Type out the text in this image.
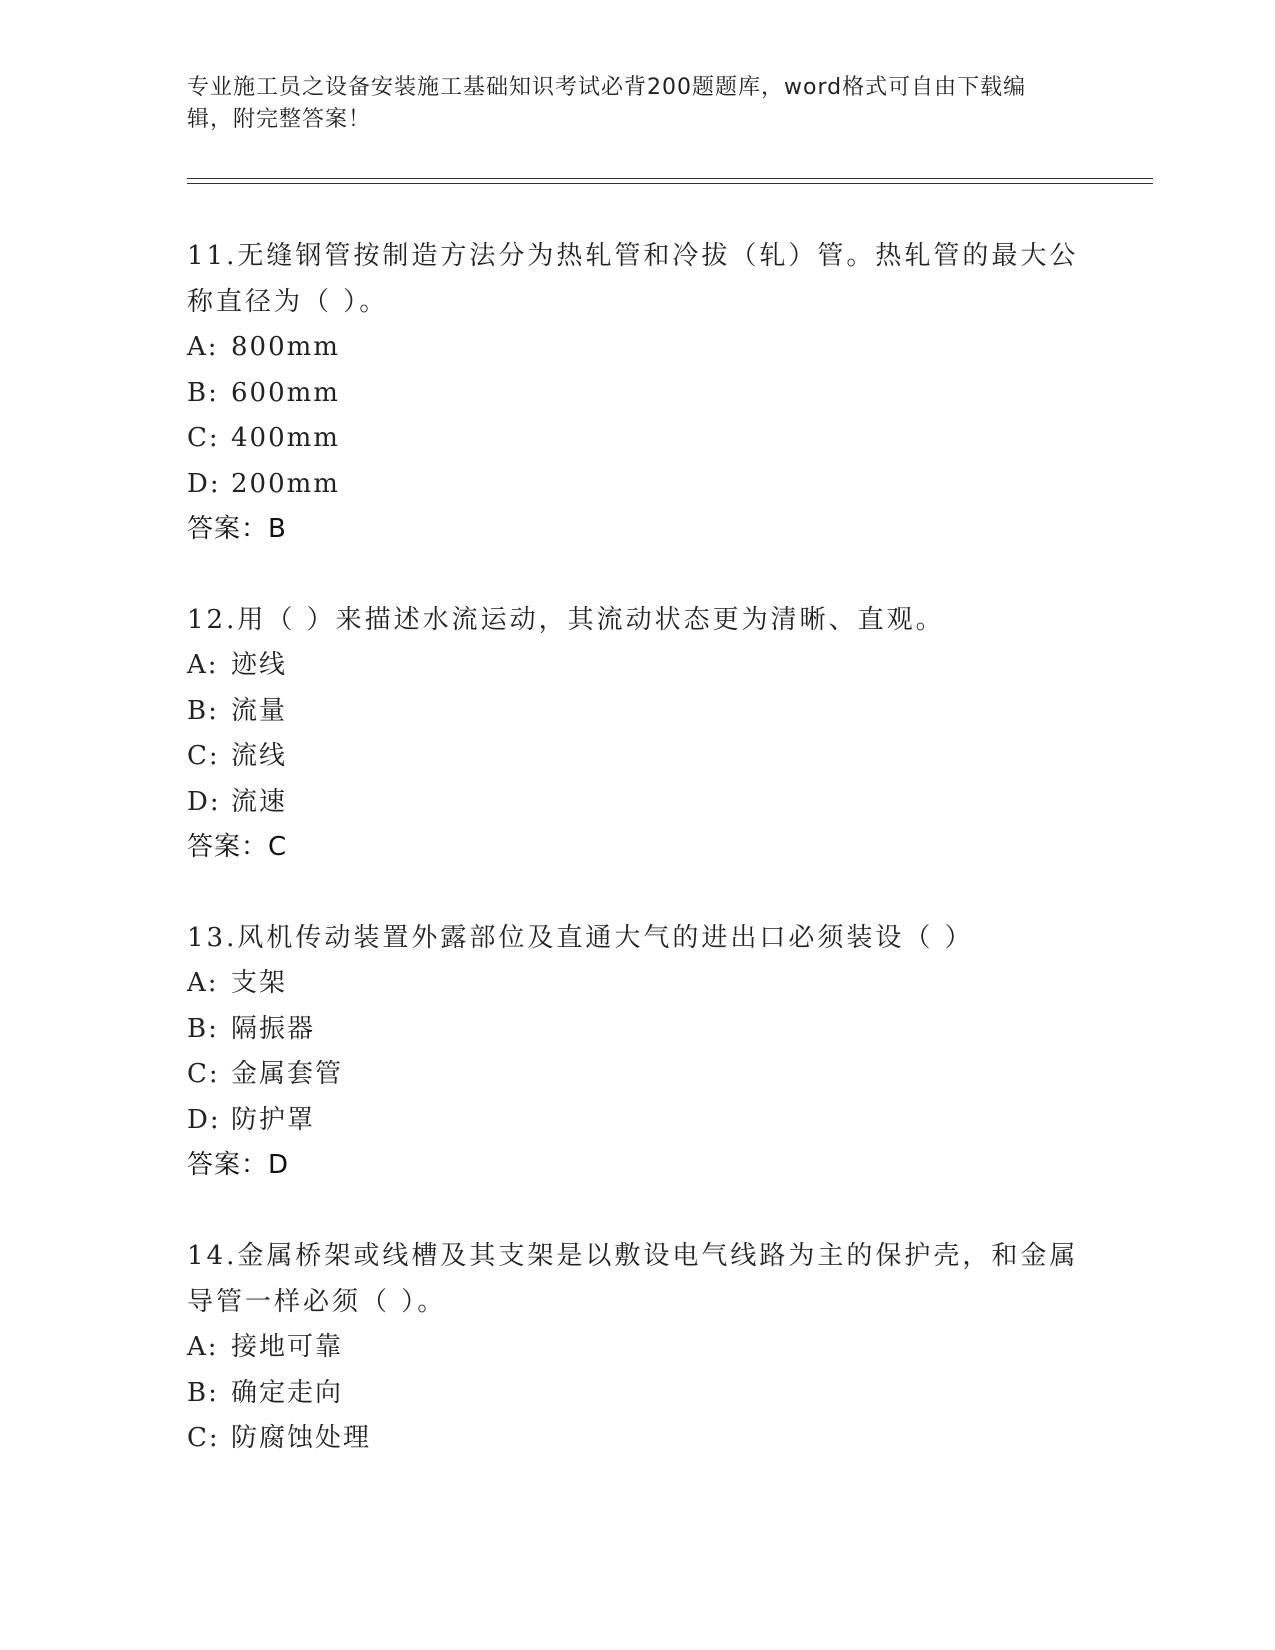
专业施工员之设备安装施工基础知识考试必背200题题库，word格式可自由下载编辑，附完整答案！

11.无缝钢管按制造方法分为热轧管和冷拔（轧）管。热轧管的最大公称直径为（ ）。

A: 800mm

B: 600mm

C: 400mm

D: 200mm

答案：B

12.用（ ）来描述水流运动，其流动状态更为清晰、直观。

A: 迹线

B: 流量

C: 流线

D: 流速

答案：C

13.风机传动装置外露部位及直通大气的进出口必须装设（ ）

A: 支架

B: 隔振器

C: 金属套管

D: 防护罩

答案：D

14.金属桥架或线槽及其支架是以敷设电气线路为主的保护壳，和金属导管一样必须（ ）。

A: 接地可靠

B: 确定走向

C: 防腐蚀处理
